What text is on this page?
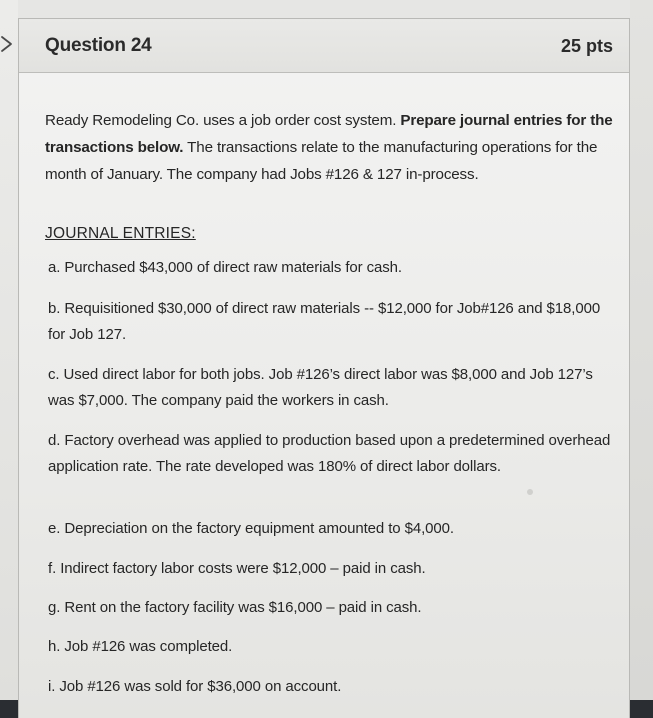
Question 24	25 pts
Ready Remodeling Co. uses a job order cost system. Prepare journal entries for the transactions below. The transactions relate to the manufacturing operations for the month of January. The company had Jobs #126 & 127 in-process.
JOURNAL ENTRIES:
a. Purchased $43,000 of direct raw materials for cash.
b. Requisitioned $30,000 of direct raw materials -- $12,000 for Job#126 and $18,000 for Job 127.
c. Used direct labor for both jobs. Job #126’s direct labor was $8,000 and Job 127’s was $7,000. The company paid the workers in cash.
d. Factory overhead was applied to production based upon a predetermined overhead application rate. The rate developed was 180% of direct labor dollars.
e. Depreciation on the factory equipment amounted to $4,000.
f. Indirect factory labor costs were $12,000 – paid in cash.
g. Rent on the factory facility was $16,000 – paid in cash.
h. Job #126 was completed.
i. Job #126 was sold for $36,000 on account.
